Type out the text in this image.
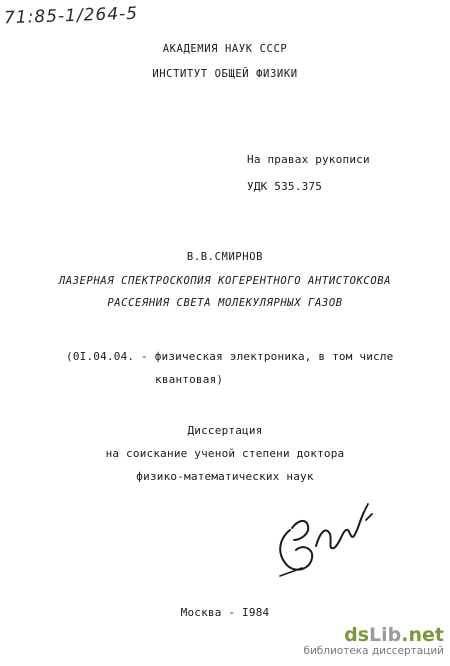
71:85-1/264-5
АКАДЕМИЯ НАУК СССР
ИНСТИТУТ ОБЩЕЙ ФИЗИКИ
На правах рукописи
УДК 535.375
В.В.СМИРНОВ
ЛАЗЕРНАЯ СПЕКТРОСКОПИЯ КОГЕРЕНТНОГО АНТИСТОКСОВА
РАССЕЯНИЯ СВЕТА МОЛЕКУЛЯРНЫХ ГАЗОВ
(0I.04.04. - физическая электроника, в том числе
квантовая)
Диссертация
на соискание ученой степени доктора
физико-математических наук
Москва - I984
dsLib.net
библиотека диссертаций
